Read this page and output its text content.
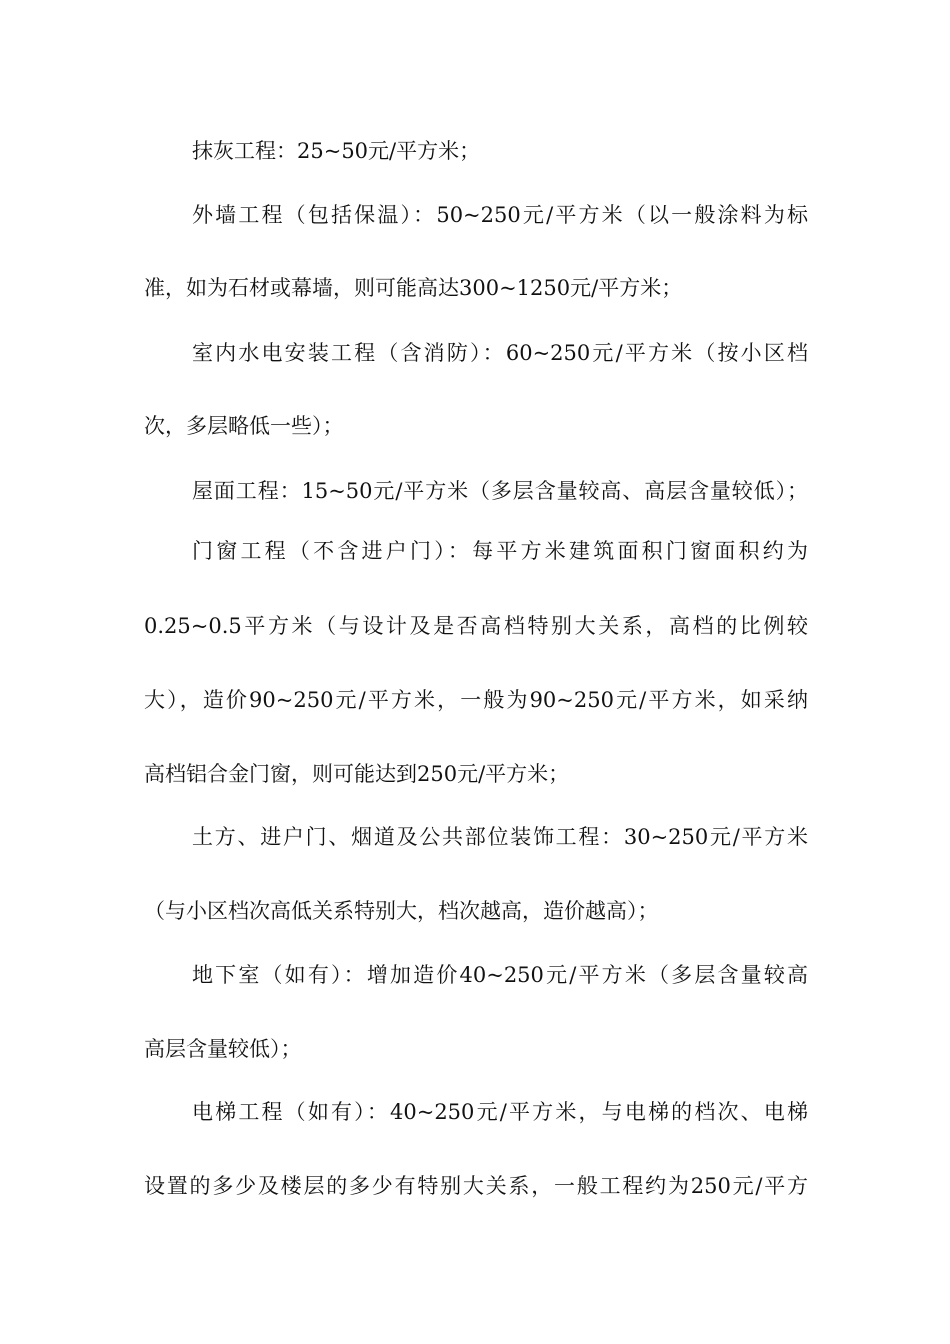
抹灰工程：25~50元/平方米；
外墙工程（包括保温）：50~250元/平方米（以一般涂料为标
准，如为石材或幕墙，则可能高达300~1250元/平方米；
室内水电安装工程（含消防）：60~250元/平方米（按小区档
次，多层略低一些）；
屋面工程：15~50元/平方米（多层含量较高、高层含量较低）；
门窗工程（不含进户门）：每平方米建筑面积门窗面积约为
0.25~0.5平方米（与设计及是否高档特别大关系，高档的比例较
大），造价90~250元/平方米，一般为90~250元/平方米，如采纳
高档铝合金门窗，则可能达到250元/平方米；
土方、进户门、烟道及公共部位装饰工程：30~250元/平方米
（与小区档次高低关系特别大，档次越高，造价越高）；
地下室（如有）：增加造价40~250元/平方米（多层含量较高
高层含量较低）；
电梯工程（如有）：40~250元/平方米，与电梯的档次、电梯
设置的多少及楼层的多少有特别大关系，一般工程约为250元/平方
